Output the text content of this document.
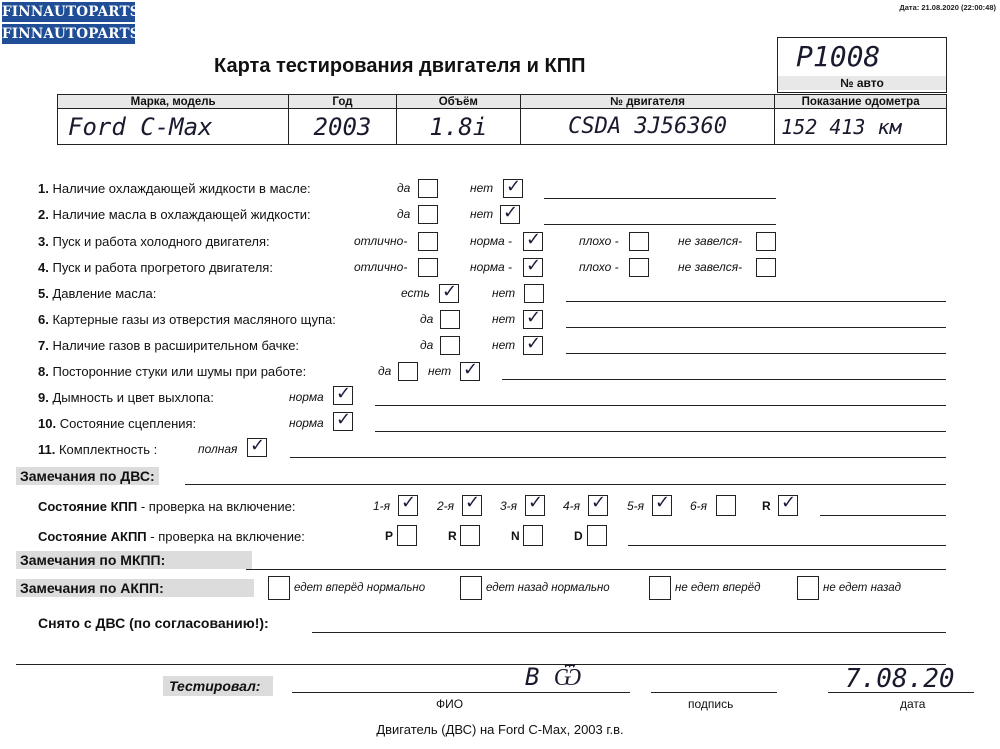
FINNAUTOPARTS
FINNAUTOPARTS
Дата: 21.08.2020 (22:00:48)
Карта тестирования двигателя и КПП	P1008
№ авто
Марка, модель	Год	Объём	№ двигателя	Показание одометра
Ford C-Max	2003	1.8i	CSDA 3J56360	152 413 км
1. Наличие охлаждающей жидкости в масле:	да	нет ✓
2. Наличие масла в охлаждающей жидкости:	да	нет ✓
3. Пуск и работа холодного двигателя:	отлично-	норма - ✓	плохо -	не завелся-
4. Пуск и работа прогретого двигателя:	отлично-	норма - ✓	плохо -	не завелся-
5. Давление масла:	есть ✓	нет
6. Картерные газы из отверстия масляного щупа:	да	нет ✓
7. Наличие газов в расширительном бачке:	да	нет ✓
8. Посторонние стуки или шумы при работе:	да	нет ✓
9. Дымность и цвет выхлопа:	норма ✓
10. Состояние сцепления:	норма ✓
11. Комплектность :	полная ✓
Замечания по ДВС:
Состояние КПП - проверка на включение:	1-я ✓ 2-я ✓ 3-я ✓ 4-я ✓ 5-я ✓ 6-я	R ✓
Состояние АКПП - проверка на включение:	P	R	N	D
Замечания по МКПП:
Замечания по АКПП:	едет вперёд нормально	едет назад нормально	не едет вперёд	не едет назад
Снято с ДВС (по согласованию!):
Тестировал:	В Ѿ	7.08.20
ФИО	подпись	дата
Двигатель (ДВС) на Ford C-Max, 2003 г.в.
